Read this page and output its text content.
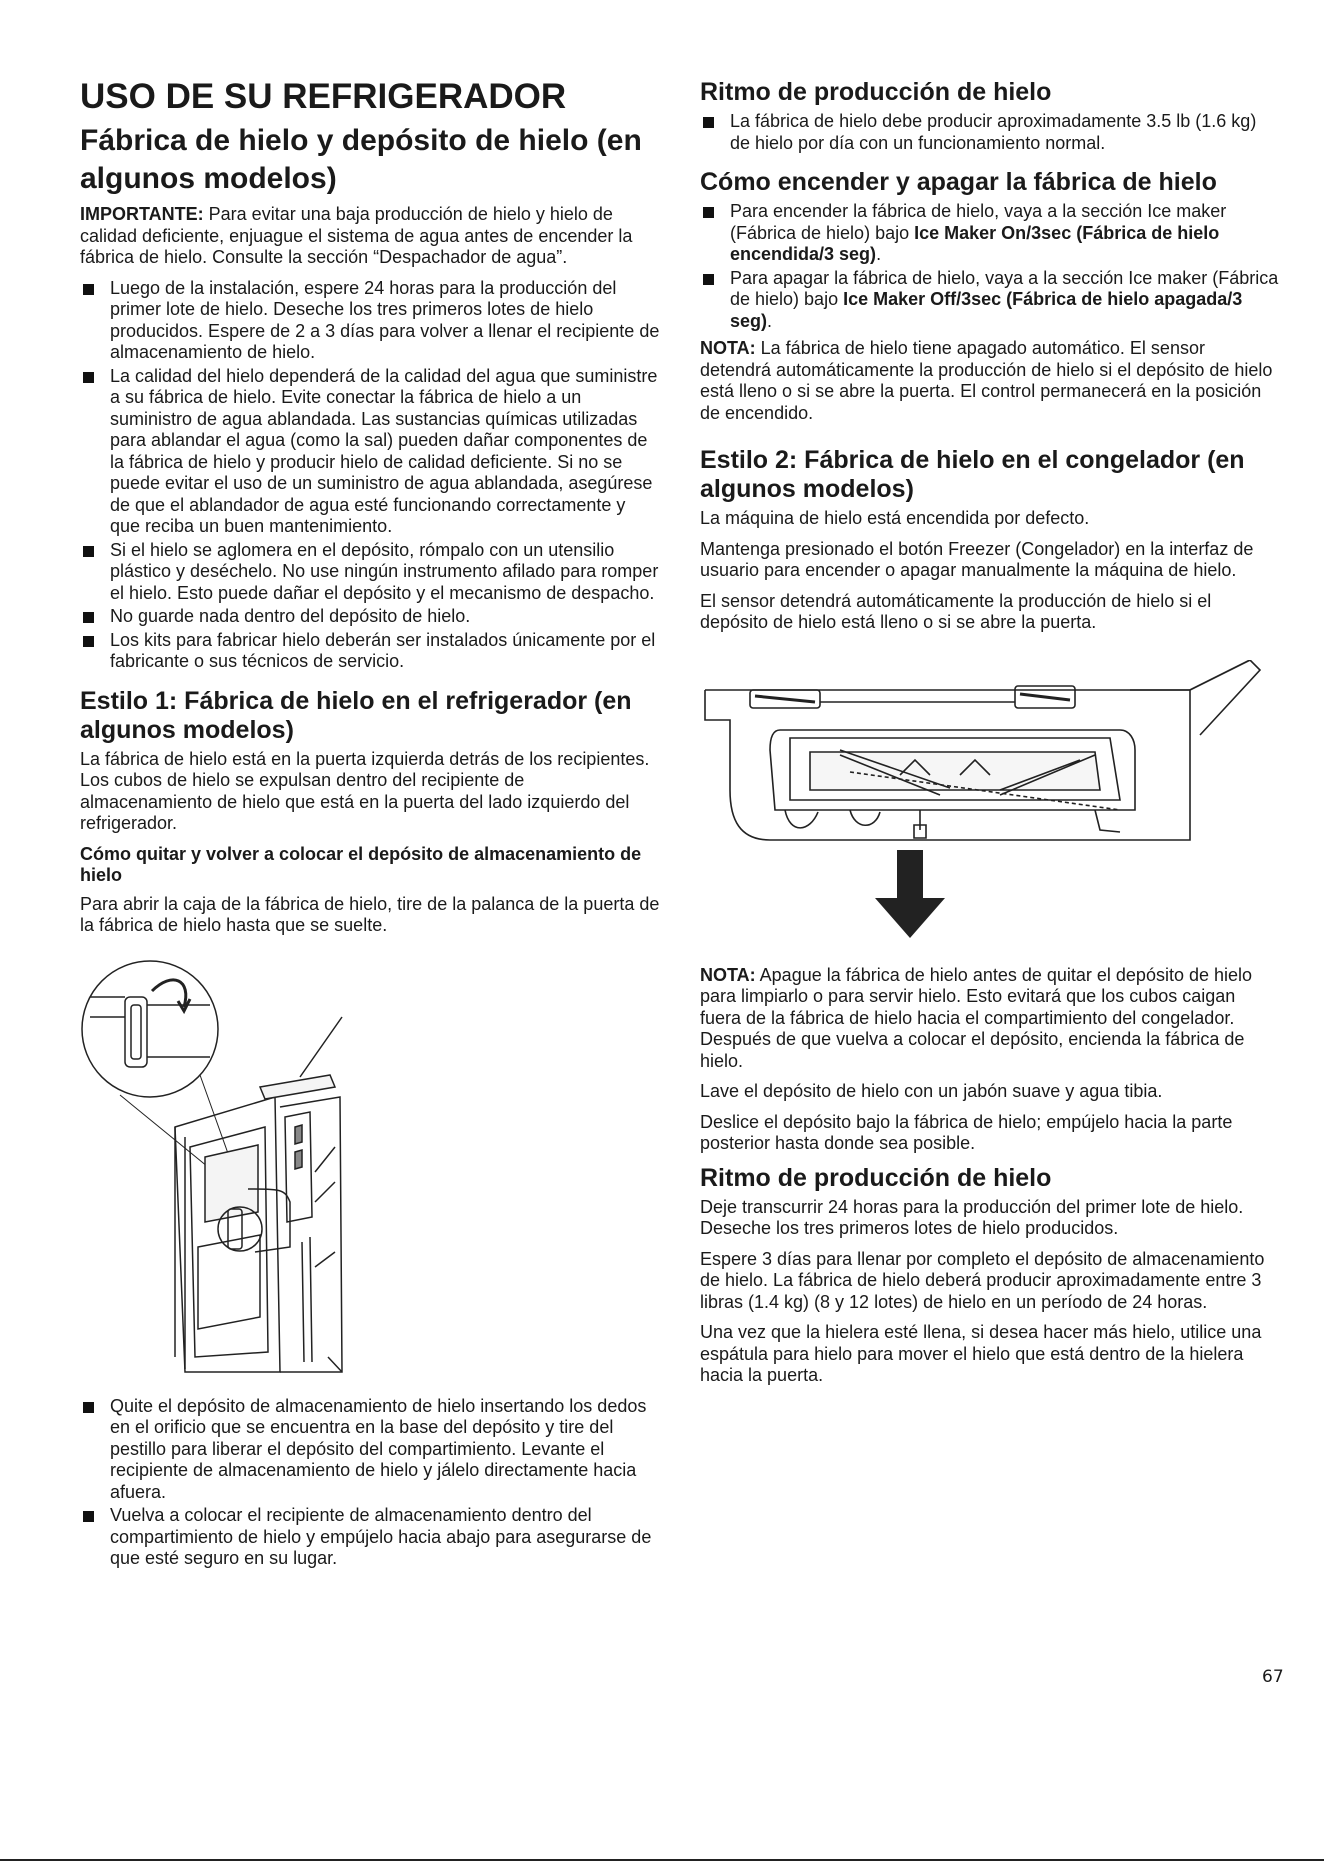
USO DE SU REFRIGERADOR
Fábrica de hielo y depósito de hielo (en algunos modelos)

IMPORTANTE: Para evitar una baja producción de hielo y hielo de calidad deficiente, enjuague el sistema de agua antes de encender la fábrica de hielo. Consulte la sección “Despachador de agua”.

Luego de la instalación, espere 24 horas para la producción del primer lote de hielo. Deseche los tres primeros lotes de hielo producidos. Espere de 2 a 3 días para volver a llenar el recipiente de almacenamiento de hielo.
La calidad del hielo dependerá de la calidad del agua que suministre a su fábrica de hielo. Evite conectar la fábrica de hielo a un suministro de agua ablandada. Las sustancias químicas utilizadas para ablandar el agua (como la sal) pueden dañar componentes de la fábrica de hielo y producir hielo de calidad deficiente. Si no se puede evitar el uso de un suministro de agua ablandada, asegúrese de que el ablandador de agua esté funcionando correctamente y que reciba un buen mantenimiento.
Si el hielo se aglomera en el depósito, rómpalo con un utensilio plástico y deséchelo. No use ningún instrumento afilado para romper el hielo. Esto puede dañar el depósito y el mecanismo de despacho.
No guarde nada dentro del depósito de hielo.
Los kits para fabricar hielo deberán ser instalados únicamente por el fabricante o sus técnicos de servicio.
Estilo 1: Fábrica de hielo en el refrigerador (en algunos modelos)

La fábrica de hielo está en la puerta izquierda detrás de los recipientes. Los cubos de hielo se expulsan dentro del recipiente de almacenamiento de hielo que está en la puerta del lado izquierdo del refrigerador.

Cómo quitar y volver a colocar el depósito de almacenamiento de hielo

Para abrir la caja de la fábrica de hielo, tire de la palanca de la puerta de la fábrica de hielo hasta que se suelte.

Quite el depósito de almacenamiento de hielo insertando los dedos en el orificio que se encuentra en la base del depósito y tire del pestillo para liberar el depósito del compartimiento. Levante el recipiente de almacenamiento de hielo y jálelo directamente hacia afuera.
Vuelva a colocar el recipiente de almacenamiento dentro del compartimiento de hielo y empújelo hacia abajo para asegurarse de que esté seguro en su lugar.
Ritmo de producción de hielo
La fábrica de hielo debe producir aproximadamente 3.5 lb (1.6 kg) de hielo por día con un funcionamiento normal.
Cómo encender y apagar la fábrica de hielo
Para encender la fábrica de hielo, vaya a la sección Ice maker (Fábrica de hielo) bajo Ice Maker On/3sec (Fábrica de hielo encendida/3 seg).
Para apagar la fábrica de hielo, vaya a la sección Ice maker (Fábrica de hielo) bajo Ice Maker Off/3sec (Fábrica de hielo apagada/3 seg).

NOTA: La fábrica de hielo tiene apagado automático. El sensor detendrá automáticamente la producción de hielo si el depósito de hielo está lleno o si se abre la puerta. El control permanecerá en la posición de encendido.

Estilo 2: Fábrica de hielo en el congelador (en algunos modelos)

La máquina de hielo está encendida por defecto.

Mantenga presionado el botón Freezer (Congelador) en la interfaz de usuario para encender o apagar manualmente la máquina de hielo.

El sensor detendrá automáticamente la producción de hielo si el depósito de hielo está lleno o si se abre la puerta.

NOTA: Apague la fábrica de hielo antes de quitar el depósito de hielo para limpiarlo o para servir hielo. Esto evitará que los cubos caigan fuera de la fábrica de hielo hacia el compartimiento del congelador. Después de que vuelva a colocar el depósito, encienda la fábrica de hielo.

Lave el depósito de hielo con un jabón suave y agua tibia.

Deslice el depósito bajo la fábrica de hielo; empújelo hacia la parte posterior hasta donde sea posible.

Ritmo de producción de hielo

Deje transcurrir 24 horas para la producción del primer lote de hielo. Deseche los tres primeros lotes de hielo producidos.

Espere 3 días para llenar por completo el depósito de almacenamiento de hielo. La fábrica de hielo deberá producir aproximadamente entre 3 libras (1.4 kg) (8 y 12 lotes) de hielo en un período de 24 horas.

Una vez que la hielera esté llena, si desea hacer más hielo, utilice una espátula para hielo para mover el hielo que está dentro de la hielera hacia la puerta.

67
